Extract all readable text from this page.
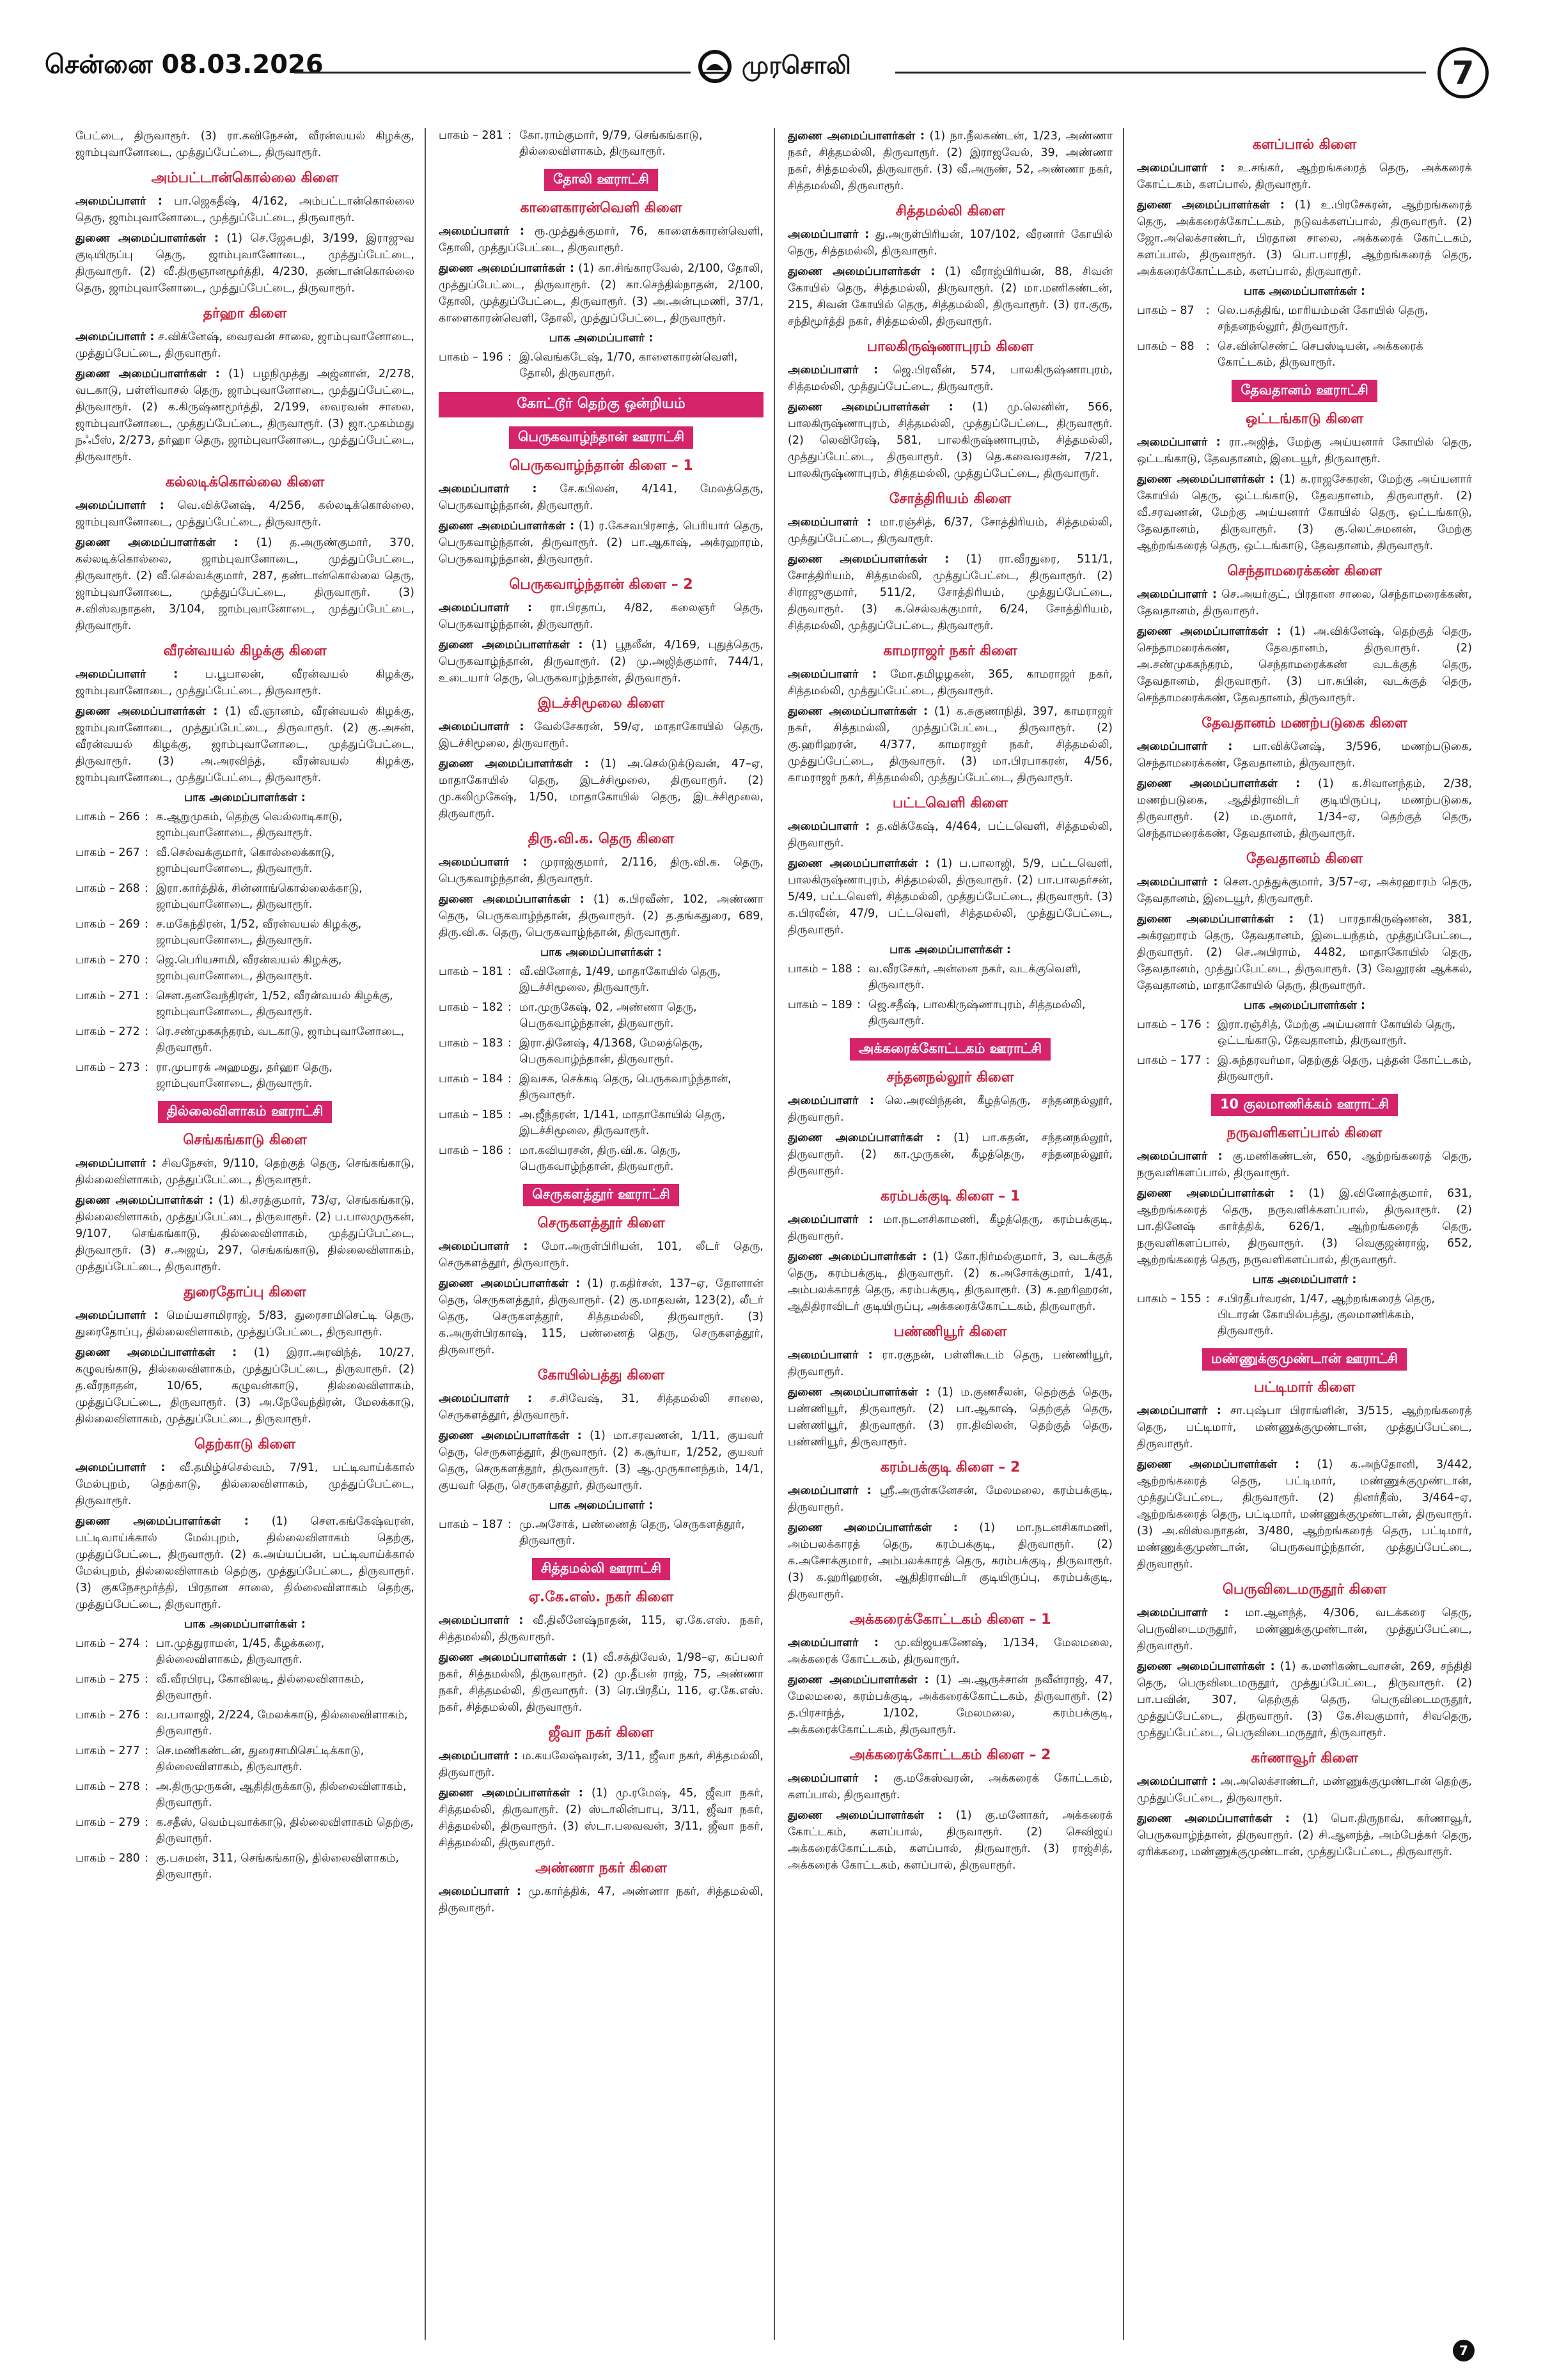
சென்னை 08.03.2026	முரசொலி	7

பேட்டை, திருவாரூர். (3) ரா.கவிநேசன், வீரன்வயல் கிழக்கு, ஜாம்புவானோடை, முத்துப்பேட்டை, திருவாரூர்.

அம்பட்டான்கொல்லை கிளை

அமைப்பாளர் : பா.ஜெகதீஷ், 4/162, அம்பட்டான்கொல்லை தெரு, ஜாம்புவானோடை, முத்துப்பேட்டை, திருவாரூர்.

துணை அமைப்பாளர்கள் : (1) செ.ஜேசுபதி, 3/199, இராஜுவ குடியிருப்பு தெரு, ஜாம்புவானோடை, முத்துப்பேட்டை, திருவாரூர். (2) வீ.திருஞானமூர்த்தி, 4/230, தண்டான்கொல்லை தெரு, ஜாம்புவானோடை, முத்துப்பேட்டை, திருவாரூர்.

தர்ஹா கிளை

அமைப்பாளர் : ச.விக்னேஷ், வைரவன் சாலை, ஜாம்புவானோடை, முத்துப்பேட்டை, திருவாரூர்.

துணை அமைப்பாளர்கள் : (1) பழநிமுத்து அஜ்னான், 2/278, வடகாடு, பள்ளிவாசல் தெரு, ஜாம்புவானோடை, முத்துப்பேட்டை, திருவாரூர். (2) க.கிருஷ்ணமூர்த்தி, 2/199, வைரவன் சாலை, ஜாம்புவானோடை, முத்துப்பேட்டை, திருவாரூர். (3) ஜா.முகம்மது நஃபீஸ், 2/273, தர்ஹா தெரு, ஜாம்புவானோடை, முத்துப்பேட்டை, திருவாரூர்.

கல்லடிக்கொல்லை கிளை

அமைப்பாளர் : வெ.விக்னேஷ், 4/256, கல்லடிக்கொல்லை, ஜாம்புவானோடை, முத்துப்பேட்டை, திருவாரூர்.

துணை அமைப்பாளர்கள் : (1) த.அருண்குமார், 370, கல்லடிக்கொல்லை, ஜாம்புவானோடை, முத்துப்பேட்டை, திருவாரூர். (2) வீ.செல்வக்குமார், 287, தண்டான்கொல்லை தெரு, ஜாம்புவானோடை, முத்துப்பேட்டை, திருவாரூர். (3) ச.விஸ்வநாதன், 3/104, ஜாம்புவானோடை, முத்துப்பேட்டை, திருவாரூர்.

வீரன்வயல் கிழக்கு கிளை

அமைப்பாளர் : ப.பூபாலன், வீரன்வயல் கிழக்கு, ஜாம்புவானோடை, முத்துப்பேட்டை, திருவாரூர்.

துணை அமைப்பாளர்கள் : (1) வீ.ஞானம், வீரன்வயல் கிழக்கு, ஜாம்புவானோடை, முத்துப்பேட்டை, திருவாரூர். (2) கு.அசன், வீரன்வயல் கிழக்கு, ஜாம்புவானோடை, முத்துப்பேட்டை, திருவாரூர். (3) அ.அரவிந்த், வீரன்வயல் கிழக்கு, ஜாம்புவானோடை, முத்துப்பேட்டை, திருவாரூர்.

பாக அமைப்பாளர்கள் :
பாகம் – 266 : க.ஆறுமுகம், தெற்கு வெல்லாடிகாடு, ஜாம்புவானோடை, திருவாரூர்.
பாகம் – 267 : வீ.செல்வக்குமார், கொல்லைக்காடு, ஜாம்புவானோடை, திருவாரூர்.
பாகம் – 268 : இரா.கார்த்திக், சின்னாங்கொல்லைக்காடு, ஜாம்புவானோடை, திருவாரூர்.
பாகம் – 269 : ச.மகேந்திரன், 1/52, வீரன்வயல் கிழக்கு, ஜாம்புவானோடை, திருவாரூர்.
பாகம் – 270 : ஜெ.பெரியசாமி, வீரன்வயல் கிழக்கு, ஜாம்புவானோடை, திருவாரூர்.
பாகம் – 271 : செள.தனவேந்திரன், 1/52, வீரன்வயல் கிழக்கு, ஜாம்புவானோடை, திருவாரூர்.
பாகம் – 272 : ரெ.சண்முகசுந்தரம், வடகாடு, ஜாம்புவானோடை, திருவாரூர்.
பாகம் – 273 : ரா.முபாரக் அஹமது, தர்ஹா தெரு, ஜாம்புவானோடை, திருவாரூர்.
தில்லைவிளாகம் ஊராட்சி
செங்கங்காடு கிளை

அமைப்பாளர் : சிவநேசன், 9/110, தெற்குத் தெரு, செங்கங்காடு, தில்லைவிளாகம், முத்துப்பேட்டை, திருவாரூர்.

துணை அமைப்பாளர்கள் : (1) கி.சரத்குமார், 73/ஏ, செங்கங்காடு, தில்லைவிளாகம், முத்துப்பேட்டை, திருவாரூர். (2) ப.பாலமுருகன், 9/107, செங்கங்காடு, தில்லைவிளாகம், முத்துப்பேட்டை, திருவாரூர். (3) ச.அஜய், 297, செங்கங்காடு, தில்லைவிளாகம், முத்துப்பேட்டை, திருவாரூர்.

துரைதோப்பு கிளை

அமைப்பாளர் : மெய்யசாமிராஜ், 5/83, துரைசாமிசெட்டி தெரு, துரைதோப்பு, தில்லைவிளாகம், முத்துப்பேட்டை, திருவாரூர்.

துணை அமைப்பாளர்கள் : (1) இரா.அரவிந்த், 10/27, கழுவங்காடு, தில்லைவிளாகம், முத்துப்பேட்டை, திருவாரூர். (2) த.வீரநாதன், 10/65, கழுவன்காடு, தில்லைவிளாகம், முத்துப்பேட்டை, திருவாரூர். (3) அ.நேவேந்திரன், மேலக்காடு, தில்லைவிளாகம், முத்துப்பேட்டை, திருவாரூர்.

தெற்காடு கிளை

அமைப்பாளர் : வீ.தமிழ்ச்செல்வம், 7/91, பட்டிவாய்க்கால் மேல்புறம், தெற்காடு, தில்லைவிளாகம், முத்துப்பேட்டை, திருவாரூர்.

துணை அமைப்பாளர்கள் : (1) செள.கங்கேஷ்வரன், பட்டிவாய்க்கால் மேல்புறம், தில்லைவிளாகம் தெற்கு, முத்துப்பேட்டை, திருவாரூர். (2) க.அய்யப்பன், பட்டிவாய்க்கால் மேல்புறம், தில்லைவிளாகம் தெற்கு, முத்துப்பேட்டை, திருவாரூர். (3) குகநேசமூர்த்தி, பிரதான சாலை, தில்லைவிளாகம் தெற்கு, முத்துப்பேட்டை, திருவாரூர்.

பாக அமைப்பாளர்கள் :
பாகம் – 274 : பா.முத்துராமன், 1/45, கீழக்கரை, தில்லைவிளாகம், திருவாரூர்.
பாகம் – 275 : வீ.வீரபிரபு, கோவிலடி, தில்லைவிளாகம், திருவாரூர்.
பாகம் – 276 : வ.பாலாஜி, 2/224, மேலக்காடு, தில்லைவிளாகம், திருவாரூர்.
பாகம் – 277 : செ.மணிகண்டன், துரைசாமிசெட்டிக்காடு, தில்லைவிளாகம், திருவாரூர்.
பாகம் – 278 : அ.திருமுருகன், ஆதிதிருக்காடு, தில்லைவிளாகம், திருவாரூர்.
பாகம் – 279 : க.சதீஸ், வெம்புவாக்காடு, தில்லைவிளாகம் தெற்கு, திருவாரூர்.
பாகம் – 280 : கு.பசுமன், 311, செங்கங்காடு, தில்லைவிளாகம், திருவாரூர்.
பாகம் – 281 : கோ.ராம்குமார், 9/79, செங்கங்காடு, தில்லைவிளாகம், திருவாரூர்.
தோலி ஊராட்சி
காளைகாரன்வெளி கிளை

அமைப்பாளர் : ரூ.முத்துக்குமார், 76, காளைக்காரன்வெளி, தோலி, முத்துப்பேட்டை, திருவாரூர்.

துணை அமைப்பாளர்கள் : (1) கா.சிங்காரவேல், 2/100, தோலி, முத்துப்பேட்டை, திருவாரூர். (2) கா.செந்தில்நாதன், 2/100, தோலி, முத்துப்பேட்டை, திருவாரூர். (3) அ.அன்புமணி, 37/1, காளைகாரன்வெளி, தோலி, முத்துப்பேட்டை, திருவாரூர்.

பாக அமைப்பாளர் :
பாகம் – 196 : இ.வெங்கடேஷ், 1/70, காளைகாரன்வெளி, தோலி, திருவாரூர்.
கோட்டூர் தெற்கு ஒன்றியம்
பெருகவாழ்ந்தான் ஊராட்சி
பெருகவாழ்ந்தான் கிளை – 1

அமைப்பாளர் : சே.கபிலன், 4/141, மேலத்தெரு, பெருகவாழ்ந்தான், திருவாரூர்.

துணை அமைப்பாளர்கள் : (1) ர.கேசவபிரசாத், பெரியார் தெரு, பெருகவாழ்ந்தான், திருவாரூர். (2) பா.ஆகாஷ், அக்ரஹாரம், பெருகவாழ்ந்தான், திருவாரூர்.

பெருகவாழ்ந்தான் கிளை – 2

அமைப்பாளர் : ரா.பிரதாப், 4/82, கலைஞர் தெரு, பெருகவாழ்ந்தான், திருவாரூர்.

துணை அமைப்பாளர்கள் : (1) பூநலீன், 4/169, புதுத்தெரு, பெருகவாழ்ந்தான், திருவாரூர். (2) மு.அஜித்குமார், 744/1, உடையார் தெரு, பெருகவாழ்ந்தான், திருவாரூர்.

இடச்சிமூலை கிளை

அமைப்பாளர் : வேல்சேகரன், 59/ஏ, மாதாகோயில் தெரு, இடச்சிமூலை, திருவாரூர்.

துணை அமைப்பாளர்கள் : (1) அ.செல்டுக்டுவன், 47–ஏ, மாதாகோயில் தெரு, இடச்சிமூலை, திருவாரூர். (2) மு.கலிமுகேஷ், 1/50, மாதாகோயில் தெரு, இடச்சிமூலை, திருவாரூர்.

திரு.வி.க. தெரு கிளை

அமைப்பாளர் : முராஜ்குமார், 2/116, திரு.வி.க. தெரு, பெருகவாழ்ந்தான், திருவாரூர்.

துணை அமைப்பாளர்கள் : (1) க.பிரவீண், 102, அண்ணா தெரு, பெருகவாழ்ந்தான், திருவாரூர். (2) த.தங்கதுரை, 689, திரு.வி.க. தெரு, பெருகவாழ்ந்தான், திருவாரூர்.

பாக அமைப்பாளர்கள் :
பாகம் – 181 : வீ.வினோத், 1/49, மாதாகோயில் தெரு, இடச்சிமூலை, திருவாரூர்.
பாகம் – 182 : மா.முருகேஷ், 02, அண்ணா தெரு, பெருகவாழ்ந்தான், திருவாரூர்.
பாகம் – 183 : இரா.தினேஷ், 4/1368, மேலத்தெரு, பெருகவாழ்ந்தான், திருவாரூர்.
பாகம் – 184 : இவசக, செக்கடி தெரு, பெருகவாழ்ந்தான், திருவாரூர்.
பாகம் – 185 : அ.ஜீந்தரன், 1/141, மாதாகோயில் தெரு, இடச்சிமூலை, திருவாரூர்.
பாகம் – 186 : மா.கவியரசன், திரு.வி.க. தெரு, பெருகவாழ்ந்தான், திருவாரூர்.
செருகளத்தூர் ஊராட்சி
செருகளத்தூர் கிளை

அமைப்பாளர் : மோ.அருள்பிரியன், 101, லீடர் தெரு, செருகளத்தூர், திருவாரூர்.

துணை அமைப்பாளர்கள் : (1) ர.கதிர்சன், 137–ஏ, தோளான் தெரு, செருகளத்தூர், திருவாரூர். (2) கு.மாதவன், 123(2), லீடர் தெரு, செருகளத்தூர், சித்தமல்லி, திருவாரூர். (3) க.அருள்பிரகாஷ், 115, பண்ணைத் தெரு, செருகளத்தூர், திருவாரூர்.

கோயில்பத்து கிளை

அமைப்பாளர் : ச.சிவேஷ், 31, சித்தமல்லி சாலை, செருகளத்தூர், திருவாரூர்.

துணை அமைப்பாளர்கள் : (1) மா.சரவணன், 1/11, குயவர் தெரு, செருகளத்தூர், திருவாரூர். (2) க.சூர்யா, 1/252, குயவர் தெரு, செருகளத்தூர், திருவாரூர். (3) ஆ.முருகானந்தம், 14/1, குயவர் தெரு, செருகளத்தூர், திருவாரூர்.

பாக அமைப்பாளர் :
பாகம் – 187 : மு.அசோக், பண்ணைத் தெரு, செருகளத்தூர், திருவாரூர்.
சித்தமல்லி ஊராட்சி
ஏ.கே.எஸ். நகர் கிளை

அமைப்பாளர் : வீ.திலீனேஷ்நாதன், 115, ஏ.கே.எஸ். நகர், சித்தமல்லி, திருவாரூர்.

துணை அமைப்பாளர்கள் : (1) வீ.சக்திவேல், 1/98–ஏ, கப்பலர் நகர், சித்தமல்லி, திருவாரூர். (2) மு.தீபன் ராஜ், 75, அண்ணா நகர், சித்தமல்லி, திருவாரூர். (3) ரெ.பிரதீப், 116, ஏ.கே.எஸ். நகர், சித்தமல்லி, திருவாரூர்.

ஜீவா நகர் கிளை

அமைப்பாளர் : ம.கயலேஷ்வரன், 3/11, ஜீவா நகர், சித்தமல்லி, திருவாரூர்.

துணை அமைப்பாளர்கள் : (1) மு.ரமேஷ், 45, ஜீவா நகர், சித்தமல்லி, திருவாரூர். (2) ஸ்டாலின்பாபு, 3/11, ஜீவா நகர், சித்தமல்லி, திருவாரூர். (3) ஸ்டா.பலவவன், 3/11, ஜீவா நகர், சித்தமல்லி, திருவாரூர்.

அண்ணா நகர் கிளை

அமைப்பாளர் : மு.கார்த்திக், 47, அண்ணா நகர், சித்தமல்லி, திருவாரூர்.

துணை அமைப்பாளர்கள் : (1) நா.நீலகண்டன், 1/23, அண்ணா நகர், சித்தமல்லி, திருவாரூர். (2) இராஜவேல், 39, அண்ணா நகர், சித்தமல்லி, திருவாரூர். (3) வீ.அருண், 52, அண்ணா நகர், சித்தமல்லி, திருவாரூர்.

சித்தமல்லி கிளை

அமைப்பாளர் : து.அருள்பிரியன், 107/102, வீரனார் கோயில் தெரு, சித்தமல்லி, திருவாரூர்.

துணை அமைப்பாளர்கள் : (1) வீராஜ்பிரியன், 88, சிவன் கோயில் தெரு, சித்தமல்லி, திருவாரூர். (2) மா.மணிகண்டன், 215, சிவன் கோயில் தெரு, சித்தமல்லி, திருவாரூர். (3) ரா.குரு, சந்திமூர்த்தி நகர், சித்தமல்லி, திருவாரூர்.

பாலகிருஷ்ணாபுரம் கிளை

அமைப்பாளர் : ஜெ.பிரவீன், 574, பாலகிருஷ்ணாபுரம், சித்தமல்லி, முத்துப்பேட்டை, திருவாரூர்.

துணை அமைப்பாளர்கள் : (1) மு.லெனின், 566, பாலகிருஷ்ணாபுரம், சித்தமல்லி, முத்துப்பேட்டை, திருவாரூர். (2) லெவிரேஷ், 581, பாலகிருஷ்ணாபுரம், சித்தமல்லி, முத்துப்பேட்டை, திருவாரூர். (3) தெ.கவைவரசன், 7/21, பாலகிருஷ்ணாபுரம், சித்தமல்லி, முத்துப்பேட்டை, திருவாரூர்.

சோத்திரியம் கிளை

அமைப்பாளர் : மா.ரஞ்சித், 6/37, சோத்திரியம், சித்தமல்லி, முத்துப்பேட்டை, திருவாரூர்.

துணை அமைப்பாளர்கள் : (1) ரா.வீரதுரை, 511/1, சோத்திரியம், சித்தமல்லி, முத்துப்பேட்டை, திருவாரூர். (2) சிராஜுகுமார், 511/2, சோத்திரியம், முத்துப்பேட்டை, திருவாரூர். (3) க.செல்வக்குமார், 6/24, சோத்திரியம், சித்தமல்லி, முத்துப்பேட்டை, திருவாரூர்.

காமராஜர் நகர் கிளை

அமைப்பாளர் : மோ.தமிழழகன், 365, காமராஜர் நகர், சித்தமல்லி, முத்துப்பேட்டை, திருவாரூர்.

துணை அமைப்பாளர்கள் : (1) க.சுகுணாநிதி, 397, காமராஜர் நகர், சித்தமல்லி, முத்துப்பேட்டை, திருவாரூர். (2) கு.ஹரிஹரன், 4/377, காமராஜர் நகர், சித்தமல்லி, முத்துப்பேட்டை, திருவாரூர். (3) மா.பிரபாகரன், 4/56, காமராஜர் நகர், சித்தமல்லி, முத்துப்பேட்டை, திருவாரூர்.

பட்டவெளி கிளை

அமைப்பாளர் : த.விக்கேஷ், 4/464, பட்டவெளி, சித்தமல்லி, திருவாரூர்.

துணை அமைப்பாளர்கள் : (1) ப.பாலாஜி, 5/9, பட்டவெளி, பாலகிருஷ்ணாபுரம், சித்தமல்லி, திருவாரூர். (2) பா.பாலதர்சன், 5/49, பட்டவெளி, சித்தமல்லி, முத்துப்பேட்டை, திருவாரூர். (3) க.பிரவீன், 47/9, பட்டவெளி, சித்தமல்லி, முத்துப்பேட்டை, திருவாரூர்.

பாக அமைப்பாளர்கள் :
பாகம் – 188 : வ.வீரசேகர், அன்னை நகர், வடக்குவெளி, திருவாரூர்.
பாகம் – 189 : ஜெ.சதீஷ், பாலகிருஷ்ணாபுரம், சித்தமல்லி, திருவாரூர்.
அக்கரைக்கோட்டகம் ஊராட்சி
சந்தனநல்லூர் கிளை

அமைப்பாளர் : லெ.அரவிந்தன், கீழத்தெரு, சந்தனநல்லூர், திருவாரூர்.

துணை அமைப்பாளர்கள் : (1) பா.சுதன், சந்தனநல்லூர், திருவாரூர். (2) கா.முருகன், கீழத்தெரு, சந்தனநல்லூர், திருவாரூர்.

கரம்பக்குடி கிளை – 1

அமைப்பாளர் : மா.நடனசிகாமணி, கீழத்தெரு, கரம்பக்குடி, திருவாரூர்.

துணை அமைப்பாளர்கள் : (1) கோ.நிர்மல்குமார், 3, வடக்குத் தெரு, கரம்பக்குடி, திருவாரூர். (2) க.அசோக்குமார், 1/41, அம்பலக்காரத் தெரு, கரம்பக்குடி, திருவாரூர். (3) க.ஹரிஹரன், ஆதிதிராவிடர் குடியிருப்பு, அக்கரைக்கோட்டகம், திருவாரூர்.

பண்ணியூர் கிளை

அமைப்பாளர் : ரா.ரகுநன், பள்ளிகூடம் தெரு, பண்ணியூர், திருவாரூர்.

துணை அமைப்பாளர்கள் : (1) ம.குணசீலன், தெற்குத் தெரு, பண்ணியூர், திருவாரூர். (2) பா.ஆகாஷ், தெற்குத் தெரு, பண்ணியூர், திருவாரூர். (3) ரா.திவிலன், தெற்குத் தெரு, பண்ணியூர், திருவாரூர்.

கரம்பக்குடி கிளை – 2

அமைப்பாளர் : ஸ்ரீ.அருள்சுனேசன், மேலமலை, கரம்பக்குடி, திருவாரூர்.

துணை அமைப்பாளர்கள் : (1) மா.நடனசிகாமணி, அம்பலக்காரத் தெரு, கரம்பக்குடி, திருவாரூர். (2) க.அசோக்குமார், அம்பலக்காரத் தெரு, கரம்பக்குடி, திருவாரூர். (3) க.ஹரிஹரன், ஆதிதிராவிடர் குடியிருப்பு, கரம்பக்குடி, திருவாரூர்.

அக்கரைக்கோட்டகம் கிளை – 1

அமைப்பாளர் : மு.விஜயகணேஷ், 1/134, மேலமலை, அக்கரைக் கோட்டகம், திருவாரூர்.

துணை அமைப்பாளர்கள் : (1) அ.ஆருச்சான் நவீன்ராஜ், 47, மேலமலை, கரம்பக்குடி, அக்கரைக்கோட்டகம், திருவாரூர். (2) த.பிரசாந்த், 1/102, மேலமலை, கரம்பக்குடி, அக்கரைக்கோட்டகம், திருவாரூர்.

அக்கரைக்கோட்டகம் கிளை – 2

அமைப்பாளர் : கு.மகேஸ்வரன், அக்கரைக் கோட்டகம், களப்பால், திருவாரூர்.

துணை அமைப்பாளர்கள் : (1) கு.மனோகர், அக்கரைக் கோட்டகம், களப்பால், திருவாரூர். (2) செவிஜய் அக்கரைக்கோட்டகம், களப்பால், திருவாரூர். (3) ராஜ்சித், அக்கரைக் கோட்டகம், களப்பால், திருவாரூர்.

களப்பால் கிளை

அமைப்பாளர் : உ.சங்கர், ஆற்றங்கரைத் தெரு, அக்கரைக் கோட்டகம், களப்பால், திருவாரூர்.

துணை அமைப்பாளர்கள் : (1) உ.பிரசேகரன், ஆற்றங்கரைத் தெரு, அக்கரைக்கோட்டகம், நடுவக்களப்பால், திருவாரூர். (2) ஜோ.அலெக்சாண்டர், பிரதான சாலை, அக்கரைக் கோட்டகம், களப்பால், திருவாரூர். (3) பொ.பாரதி, ஆற்றங்கரைத் தெரு, அக்கரைக்கோட்டகம், களப்பால், திருவாரூர்.

பாக அமைப்பாளர்கள் :
பாகம் – 87	: லெ.பசுத்திங், மாரியம்மன் கோயில் தெரு, சந்தனநல்லூர், திருவாரூர்.
பாகம் – 88	: செ.வின்செண்ட் செபஸ்டியன், அக்கரைக் கோட்டகம், திருவாரூர்.
தேவதானம் ஊராட்சி
ஒட்டங்காடு கிளை

அமைப்பாளர் : ரா.அஜித், மேற்கு அய்யனார் கோயில் தெரு, ஒட்டங்காடு, தேவதானம், இடையூர், திருவாரூர்.

துணை அமைப்பாளர்கள் : (1) க.ராஜசேகரன், மேற்கு அய்யனார் கோயில் தெரு, ஒட்டங்காடு, தேவதானம், திருவாரூர். (2) வீ.சரவணன், மேற்கு அய்யனார் கோயில் தெரு, ஒட்டங்காடு, தேவதானம், திருவாரூர். (3) கு.லெட்சுமனன், மேற்கு ஆற்றங்கரைத் தெரு, ஒட்டங்காடு, தேவதானம், திருவாரூர்.

செந்தாமரைக்கண் கிளை

அமைப்பாளர் : செ.அயர்குட், பிரதான சாலை, செந்தாமரைக்கண், தேவதானம், திருவாரூர்.

துணை அமைப்பாளர்கள் : (1) அ.விக்னேஷ், தெற்குத் தெரு, செந்தாமரைக்கண், தேவதானம், திருவாரூர். (2) அ.சண்முகசுந்தரம், செந்தாமரைக்கண் வடக்குத் தெரு, தேவதானம், திருவாரூர். (3) பா.சுபின், வடக்குத் தெரு, செந்தாமரைக்கண், தேவதானம், திருவாரூர்.

தேவதானம் மணற்படுகை கிளை

அமைப்பாளர் : பா.விக்னேஷ், 3/596, மணற்படுகை, செந்தாமரைக்கண், தேவதானம், திருவாரூர்.

துணை அமைப்பாளர்கள் : (1) க.சிவானந்தம், 2/38, மணற்படுகை, ஆதிதிராவிடர் குடியிருப்பு, மணற்படுகை, திருவாரூர். (2) ம.குமார், 1/34–ஏ, தெற்குத் தெரு, செந்தாமரைக்கண், தேவதானம், திருவாரூர்.

தேவதானம் கிளை

அமைப்பாளர் : செள.முத்துக்குமார், 3/57–ஏ, அக்ரஹாரம் தெரு, தேவதானம், இடையூர், திருவாரூர்.

துணை அமைப்பாளர்கள் : (1) பாரதாகிருஷ்ணன், 381, அக்ரஹாரம் தெரு, தேவதானம், இடையந்தம், முத்துப்பேட்டை, திருவாரூர். (2) செ.அபிராம், 4482, மாதாகோயில் தெரு, தேவதானம், முத்துப்பேட்டை, திருவாரூர். (3) வேலூரன் ஆக்கல், தேவதானம், மாதாகோயில் தெரு, திருவாரூர்.

பாக அமைப்பாளர்கள் :
பாகம் – 176 : இரா.ரஞ்சித், மேற்கு அய்யனார் கோயில் தெரு, ஒட்டங்காடு, தேவதானம், திருவாரூர்.
பாகம் – 177 : இ.சுந்தரவர்மா, தெற்குத் தெரு, புத்தன் கோட்டகம், திருவாரூர்.
10 குலமாணிக்கம் ஊராட்சி
நருவளிகளப்பால் கிளை

அமைப்பாளர் : கு.மணிகண்டன், 650, ஆற்றங்கரைத் தெரு, நருவளிகளப்பால், திருவாரூர்.

துணை அமைப்பாளர்கள் : (1) இ.வினோத்குமார், 631, ஆற்றங்கரைத் தெரு, நருவளிக்களப்பால், திருவாரூர். (2) பா.தினேஷ் கார்த்திக், 626/1, ஆற்றங்கரைத் தெரு, நருவளிகளப்பால், திருவாரூர். (3) வெகுஜன்ராஜ், 652, ஆற்றங்கரைத் தெரு, நருவளிகளப்பால், திருவாரூர்.

பாக அமைப்பாளர் :
பாகம் – 155 : ச.பிரதீபர்வரன், 1/47, ஆற்றங்கரைத் தெரு, பிடாரன் கோயில்பத்து, குலமாணிக்கம், திருவாரூர்.
மண்ணுக்குமுண்டான் ஊராட்சி
பட்டிமார் கிளை

அமைப்பாளர் : சா.புஷ்பா பிராங்ளின், 3/515, ஆற்றங்கரைத் தெரு, பட்டிமார், மண்ணுக்குமுண்டான், முத்துப்பேட்டை, திருவாரூர்.

துணை அமைப்பாளர்கள் : (1) க.அந்தோனி, 3/442, ஆற்றங்கரைத் தெரு, பட்டிமார், மண்ணுக்குமுண்டான், முத்துப்பேட்டை, திருவாரூர். (2) தினர்தீஸ், 3/464–ஏ, ஆற்றங்கரைத் தெரு, பட்டிமார், மண்ணுக்குமுண்டான், திருவாரூர். (3) அ.விஸ்வநாதன், 3/480, ஆற்றங்கரைத் தெரு, பட்டிமார், மண்ணுக்குமுண்டான், பெருகவாழ்ந்தான், முத்துப்பேட்டை, திருவாரூர்.

பெருவிடைமருதூர் கிளை

அமைப்பாளர் : மா.ஆனந்த், 4/306, வடக்கரை தெரு, பெருவிடைமருதூர், மண்ணுக்குமுண்டான், முத்துப்பேட்டை, திருவாரூர்.

துணை அமைப்பாளர்கள் : (1) க.மணிகண்டவாசன், 269, சந்திதி தெரு, பெருவிடைமருதூர், முத்துப்பேட்டை, திருவாரூர். (2) பா.பவின், 307, தெற்குத் தெரு, பெருவிடைமருதூர், முத்துப்பேட்டை, திருவாரூர். (3) கே.சிவகுமார், சிவதெரு, முத்துப்பேட்டை, பெருவிடைமருதூர், திருவாரூர்.

கர்ணாவூர் கிளை

அமைப்பாளர் : அ.அலெக்சாண்டர், மண்ணுக்குமுண்டான் தெற்கு, முத்துப்பேட்டை, திருவாரூர்.

துணை அமைப்பாளர்கள் : (1) பொ.திருநாவ், கர்ணாவூர், பெருகவாழ்ந்தான், திருவாரூர். (2) சி.ஆனந்த், அம்பேத்கர் தெரு, ஏரிக்கரை, மண்ணுக்குமுண்டான், முத்துப்பேட்டை, திருவாரூர்.

7
